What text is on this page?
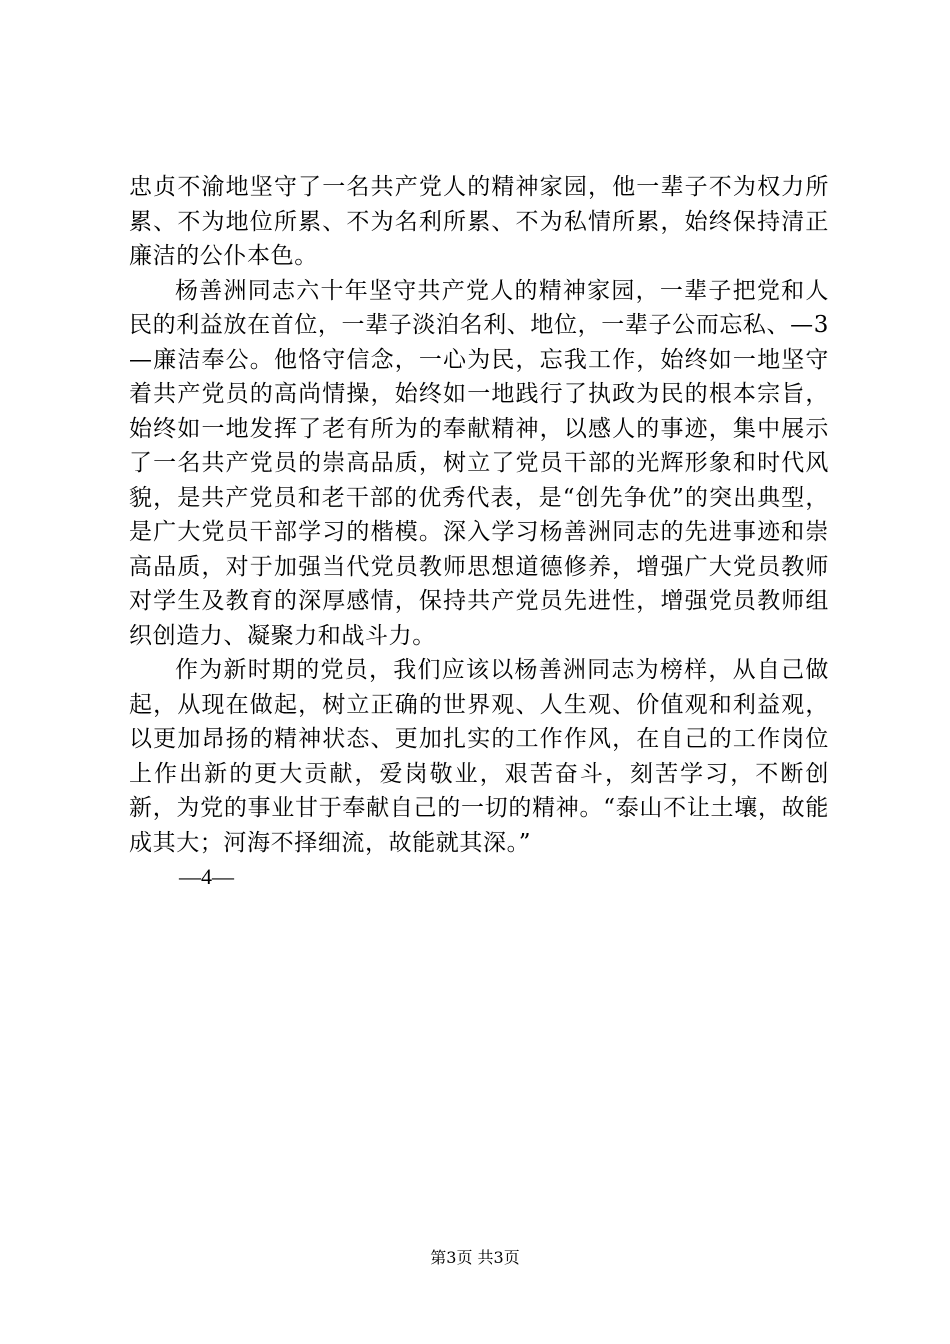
忠贞不渝地坚守了一名共产党人的精神家园，他一辈子不为权力所累、不为地位所累、不为名利所累、不为私情所累，始终保持清正廉洁的公仆本色。

杨善洲同志六十年坚守共产党人的精神家园，一辈子把党和人民的利益放在首位，一辈子淡泊名利、地位，一辈子公而忘私、—3—廉洁奉公。他恪守信念，一心为民，忘我工作，始终如一地坚守着共产党员的高尚情操，始终如一地践行了执政为民的根本宗旨，始终如一地发挥了老有所为的奉献精神，以感人的事迹，集中展示了一名共产党员的崇高品质，树立了党员干部的光辉形象和时代风貌，是共产党员和老干部的优秀代表，是“创先争优”的突出典型，是广大党员干部学习的楷模。深入学习杨善洲同志的先进事迹和崇高品质，对于加强当代党员教师思想道德修养，增强广大党员教师对学生及教育的深厚感情，保持共产党员先进性，增强党员教师组织创造力、凝聚力和战斗力。

作为新时期的党员，我们应该以杨善洲同志为榜样，从自己做起，从现在做起，树立正确的世界观、人生观、价值观和利益观，以更加昂扬的精神状态、更加扎实的工作作风，在自己的工作岗位上作出新的更大贡献，爱岗敬业，艰苦奋斗，刻苦学习，不断创新，为党的事业甘于奉献自己的一切的精神。“泰山不让土壤，故能成其大；河海不择细流，故能就其深。”

—4—

第3页 共3页
